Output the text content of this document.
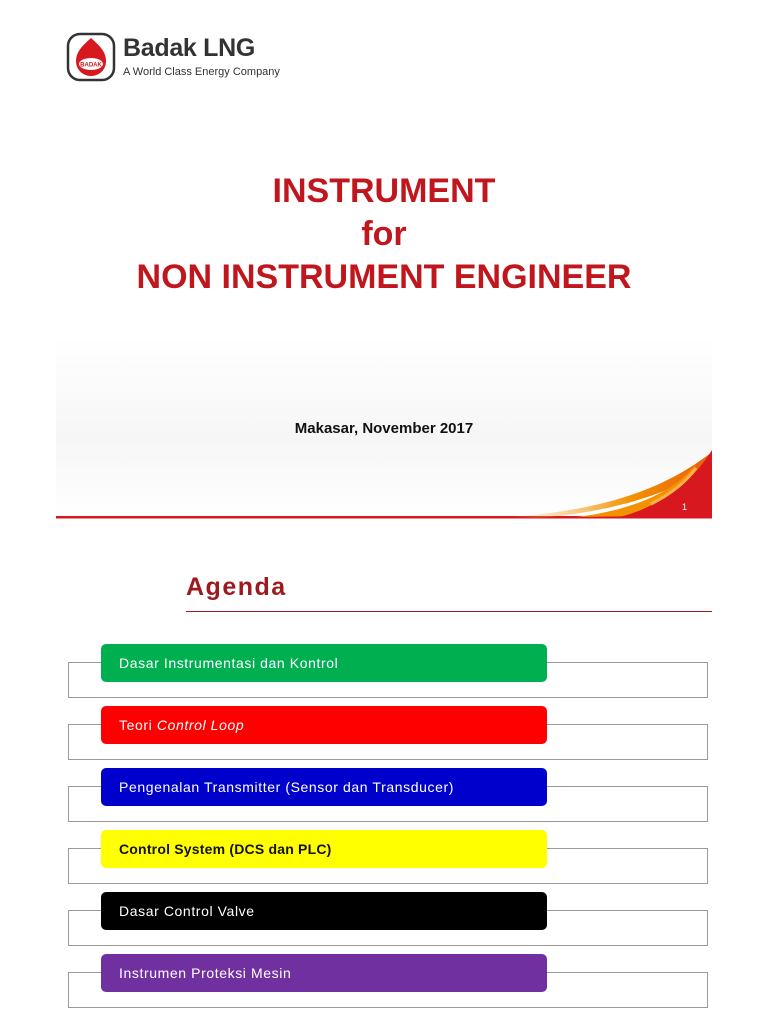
BADAK
Badak LNG
A World Class Energy Company
INSTRUMENT
for
NON INSTRUMENT ENGINEER
Makasar, November 2017
1
Agenda
Dasar Instrumentasi dan Kontrol
Teori
Control Loop
Pengenalan Transmitter (Sensor dan Transducer)
Control System (DCS dan PLC)
Dasar Control Valve
Instrumen Proteksi Mesin
